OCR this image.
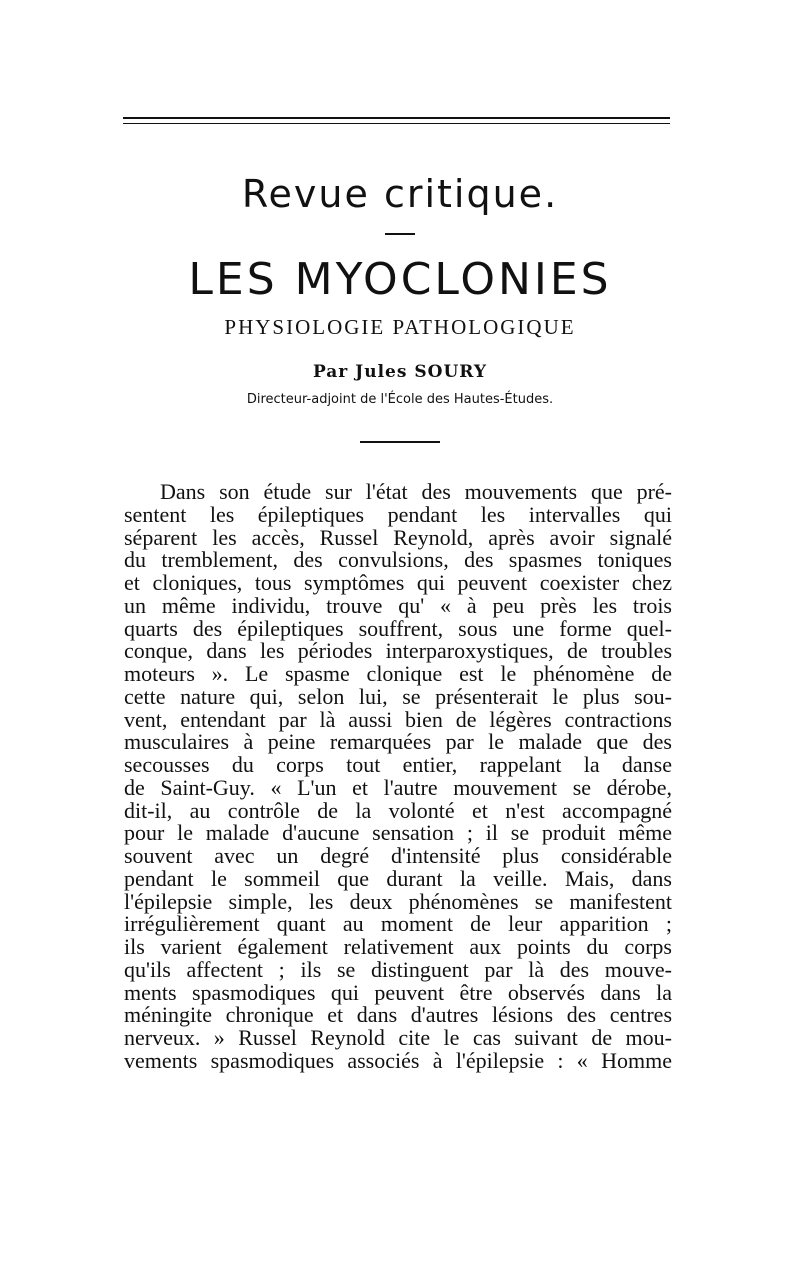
Revue critique.
LES MYOCLONIES
PHYSIOLOGIE PATHOLOGIQUE
Par Jules SOURY
Directeur-adjoint de l'École des Hautes-Études.
Dans son étude sur l'état des mouvements que pré-
sentent les épileptiques pendant les intervalles qui
séparent les accès, Russel Reynold, après avoir signalé
du tremblement, des convulsions, des spasmes toniques
et cloniques, tous symptômes qui peuvent coexister chez
un même individu, trouve qu' « à peu près les trois
quarts des épileptiques souffrent, sous une forme quel-
conque, dans les périodes interparoxystiques, de troubles
moteurs ». Le spasme clonique est le phénomène de
cette nature qui, selon lui, se présenterait le plus sou-
vent, entendant par là aussi bien de légères contractions
musculaires à peine remarquées par le malade que des
secousses du corps tout entier, rappelant la danse
de Saint-Guy. « L'un et l'autre mouvement se dérobe,
dit-il, au contrôle de la volonté et n'est accompagné
pour le malade d'aucune sensation ; il se produit même
souvent avec un degré d'intensité plus considérable
pendant le sommeil que durant la veille. Mais, dans
l'épilepsie simple, les deux phénomènes se manifestent
irrégulièrement quant au moment de leur apparition ;
ils varient également relativement aux points du corps
qu'ils affectent ; ils se distinguent par là des mouve-
ments spasmodiques qui peuvent être observés dans la
méningite chronique et dans d'autres lésions des centres
nerveux. » Russel Reynold cite le cas suivant de mou-
vements spasmodiques associés à l'épilepsie : « Homme
